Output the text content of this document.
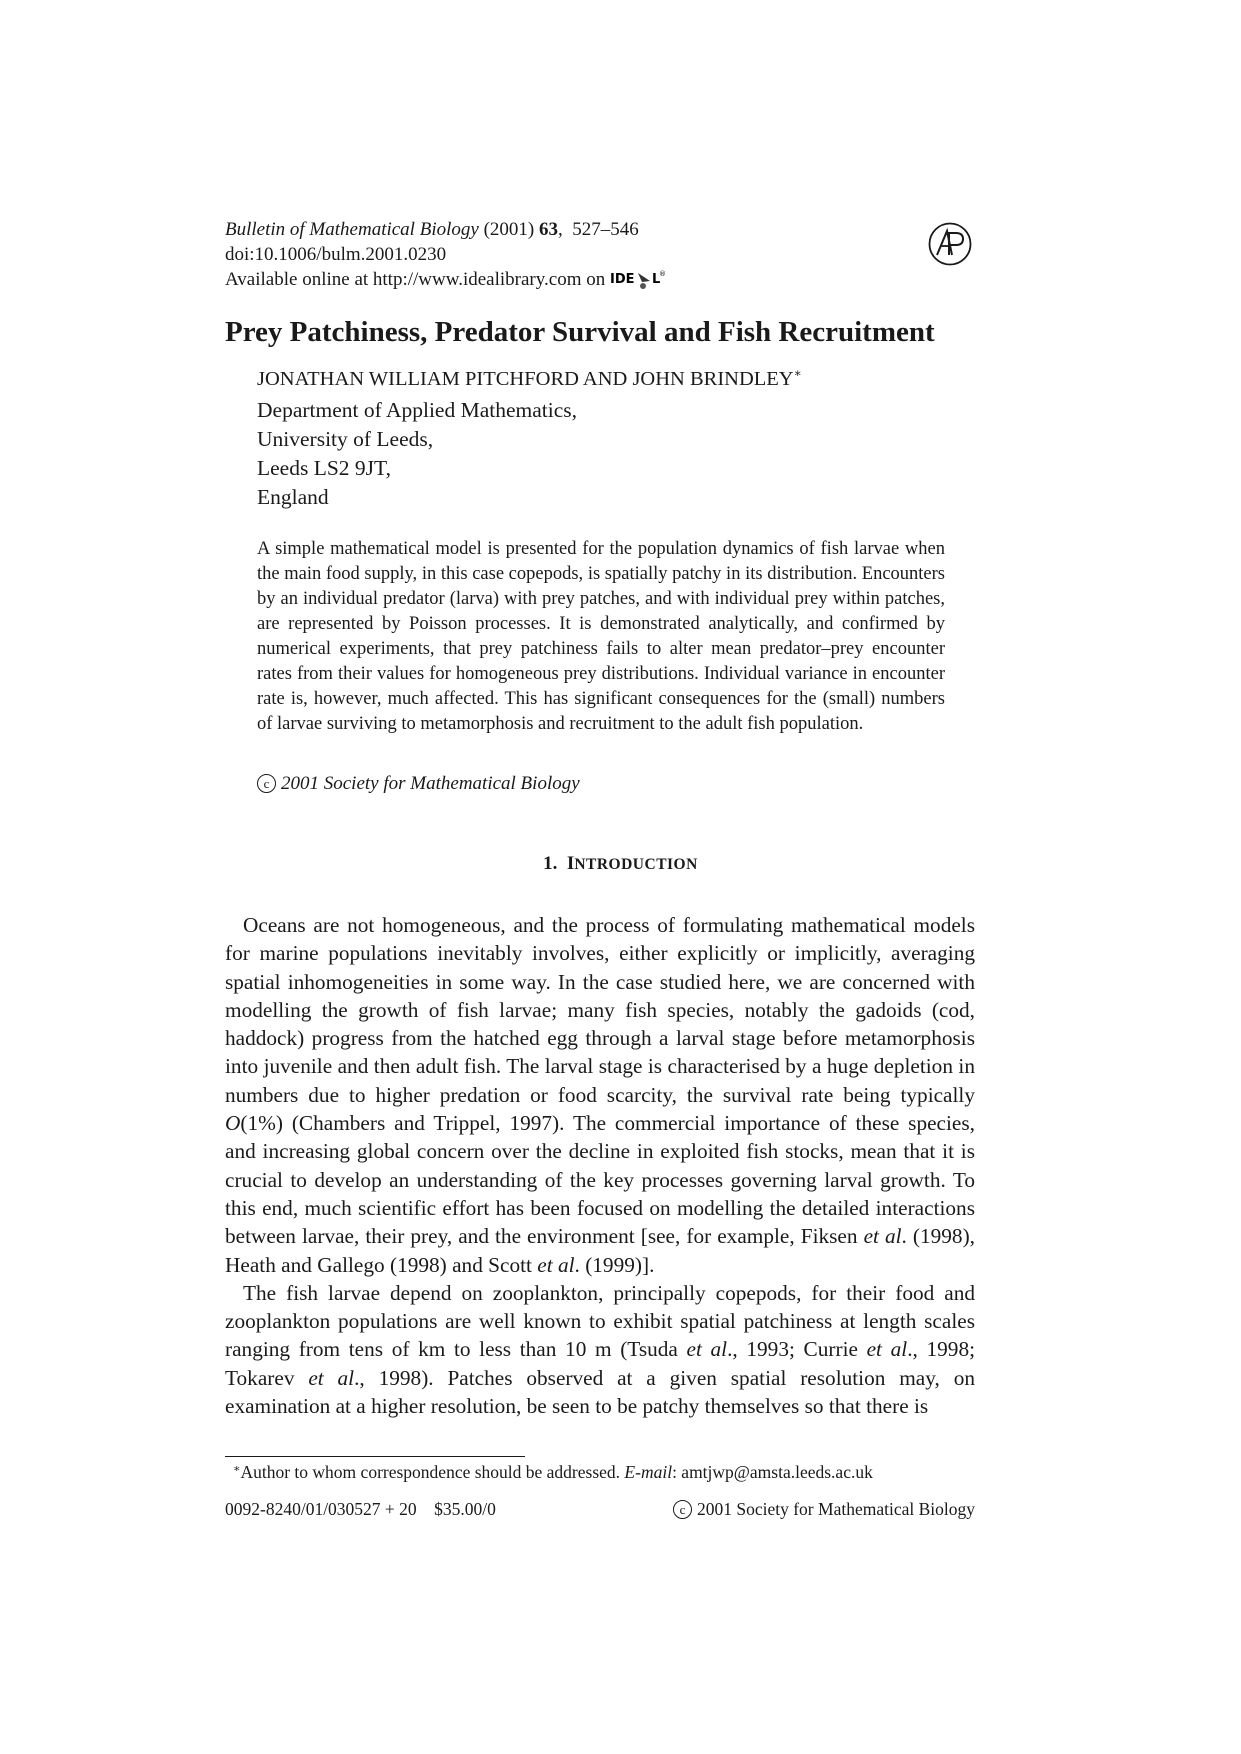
Bulletin of Mathematical Biology (2001) 63,  527–546
doi:10.1006/bulm.2001.0230
Available online at http://www.idealibrary.com on IDE L
®
Prey Patchiness, Predator Survival and Fish Recruitment
JONATHAN WILLIAM PITCHFORD AND JOHN BRINDLEY∗
Department of Applied Mathematics,
University of Leeds,
Leeds LS2 9JT,
England
A simple mathematical model is presented for the population dynamics of fish larvae when the main food supply, in this case copepods, is spatially patchy in its distribution. Encounters by an individual predator (larva) with prey patches, and with individual prey within patches, are represented by Poisson processes. It is demonstrated analytically, and confirmed by numerical experiments, that prey patchiness fails to alter mean predator–prey encounter rates from their values for homogeneous prey distributions. Individual variance in encounter rate is, however, much affected. This has significant consequences for the (small) numbers of larvae surviving to metamorphosis and recruitment to the adult fish population.
c 2001 Society for Mathematical Biology
1. INTRODUCTION

Oceans are not homogeneous, and the process of formulating mathematical models for marine populations inevitably involves, either explicitly or implicitly, averaging spatial inhomogeneities in some way. In the case studied here, we are concerned with modelling the growth of fish larvae; many fish species, notably the gadoids (cod, haddock) progress from the hatched egg through a larval stage before metamorphosis into juvenile and then adult fish. The larval stage is characterised by a huge depletion in numbers due to higher predation or food scarcity, the survival rate being typically O(1%) (Chambers and Trippel, 1997). The commercial importance of these species, and increasing global concern over the decline in exploited fish stocks, mean that it is crucial to develop an understanding of the key processes governing larval growth. To this end, much scientific effort has been focused on modelling the detailed interactions between larvae, their prey, and the environment [see, for example, Fiksen et al. (1998), Heath and Gallego (1998) and Scott et al. (1999)].

The fish larvae depend on zooplankton, principally copepods, for their food and zooplankton populations are well known to exhibit spatial patchiness at length scales ranging from tens of km to less than 10 m (Tsuda et al., 1993; Currie et al., 1998; Tokarev et al., 1998). Patches observed at a given spatial resolution may, on examination at a higher resolution, be seen to be patchy themselves so that there is

∗Author to whom correspondence should be addressed. E-mail: amtjwp@amsta.leeds.ac.uk
0092-8240/01/030527 + 20 $35.00/0	c 2001 Society for Mathematical Biology
